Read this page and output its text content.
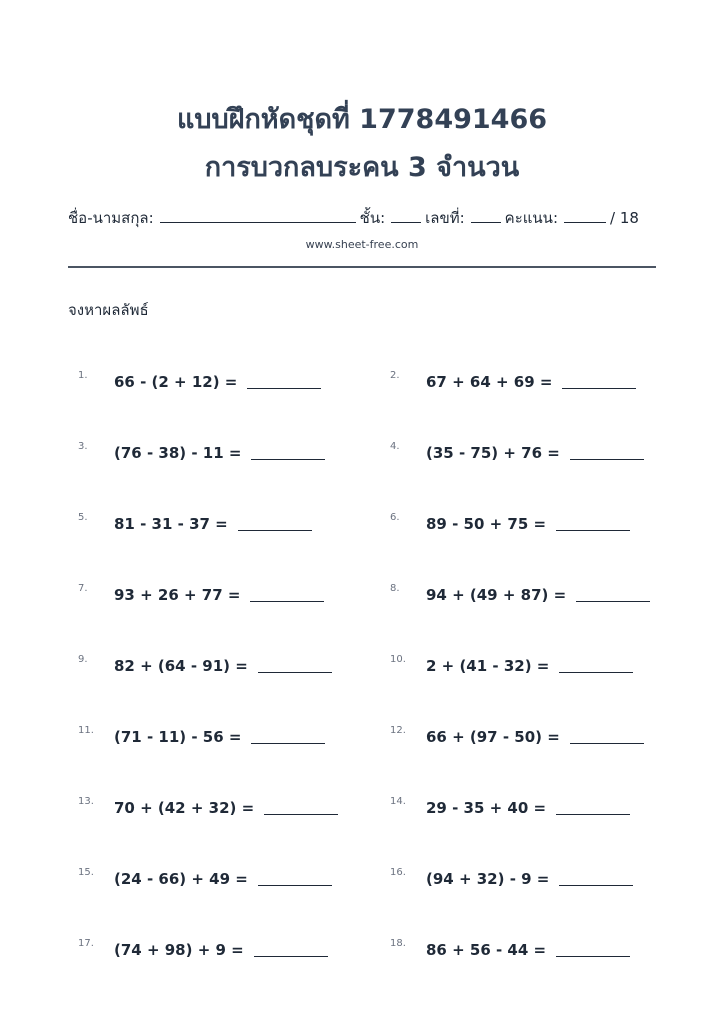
แบบฝึกหัดชุดที่ 1778491466
การบวกลบระคน 3 จำนวน
ชื่อ-นามสกุล:	ชั้น:	เลขที่:	คะแนน:	/ 18
www.sheet-free.com
จงหาผลลัพธ์
1.	66 - (2 + 12) =	2.	67 + 64 + 69 =
3.	(76 - 38) - 11 =	4.	(35 - 75) + 76 =
5.	81 - 31 - 37 =	6.	89 - 50 + 75 =
7.	93 + 26 + 77 =	8.	94 + (49 + 87) =
9.	82 + (64 - 91) =	10.	2 + (41 - 32) =
11.	(71 - 11) - 56 =	12.	66 + (97 - 50) =
13.	70 + (42 + 32) =	14.	29 - 35 + 40 =
15.	(24 - 66) + 49 =	16.	(94 + 32) - 9 =
17.	(74 + 98) + 9 =	18.	86 + 56 - 44 =
